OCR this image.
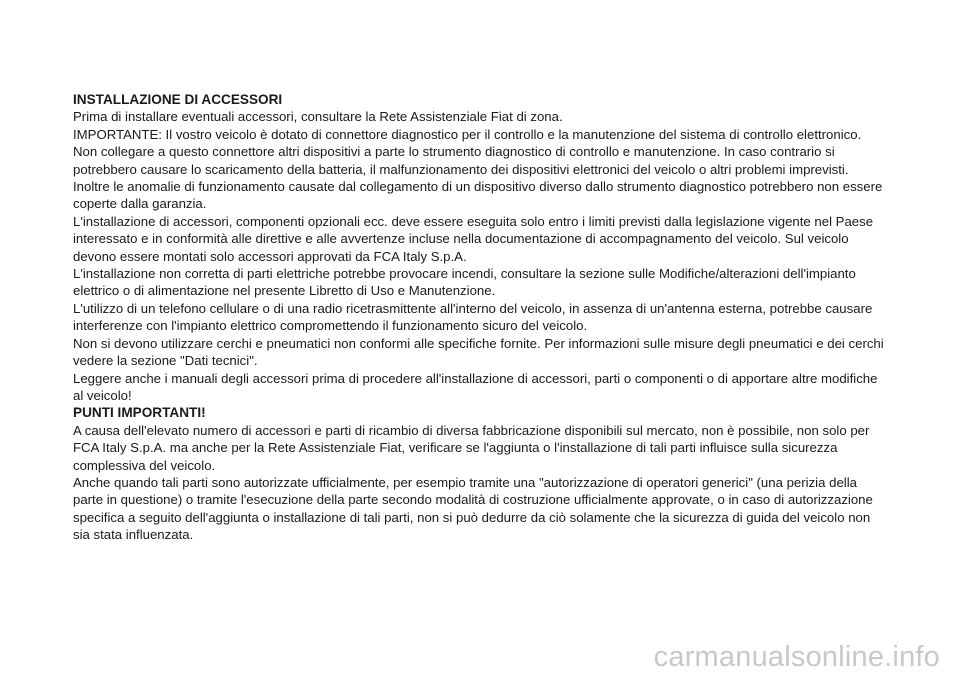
INSTALLAZIONE DI ACCESSORI

Prima di installare eventuali accessori, consultare la Rete Assistenziale Fiat di zona.

IMPORTANTE: Il vostro veicolo è dotato di connettore diagnostico per il controllo e la manutenzione del sistema di controllo elettronico. Non collegare a questo connettore altri dispositivi a parte lo strumento diagnostico di controllo e manutenzione. In caso contrario si potrebbero causare lo scaricamento della batteria, il malfunzionamento dei dispositivi elettronici del veicolo o altri problemi imprevisti. Inoltre le anomalie di funzionamento causate dal collegamento di un dispositivo diverso dallo strumento diagnostico potrebbero non essere coperte dalla garanzia.

L'installazione di accessori, componenti opzionali ecc. deve essere eseguita solo entro i limiti previsti dalla legislazione vigente nel Paese interessato e in conformità alle direttive e alle avvertenze incluse nella documentazione di accompagnamento del veicolo. Sul veicolo devono essere montati solo accessori approvati da FCA Italy S.p.A.

L'installazione non corretta di parti elettriche potrebbe provocare incendi, consultare la sezione sulle Modifiche/alterazioni dell'impianto elettrico o di alimentazione nel presente Libretto di Uso e Manutenzione.

L'utilizzo di un telefono cellulare o di una radio ricetrasmittente all'interno del veicolo, in assenza di un'antenna esterna, potrebbe causare interferenze con l'impianto elettrico compromettendo il funzionamento sicuro del veicolo.

Non si devono utilizzare cerchi e pneumatici non conformi alle specifiche fornite. Per informazioni sulle misure degli pneumatici e dei cerchi vedere la sezione "Dati tecnici".

Leggere anche i manuali degli accessori prima di procedere all'installazione di accessori, parti o componenti o di apportare altre modifiche al veicolo!

PUNTI IMPORTANTI!

A causa dell'elevato numero di accessori e parti di ricambio di diversa fabbricazione disponibili sul mercato, non è possibile, non solo per FCA Italy S.p.A. ma anche per la Rete Assistenziale Fiat, verificare se l'aggiunta o l'installazione di tali parti influisce sulla sicurezza complessiva del veicolo.

Anche quando tali parti sono autorizzate ufficialmente, per esempio tramite una "autorizzazione di operatori generici" (una perizia della parte in questione) o tramite l'esecuzione della parte secondo modalità di costruzione ufficialmente approvate, o in caso di autorizzazione specifica a seguito dell'aggiunta o installazione di tali parti, non si può dedurre da ciò solamente che la sicurezza di guida del veicolo non sia stata influenzata.

carmanualsonline.info
